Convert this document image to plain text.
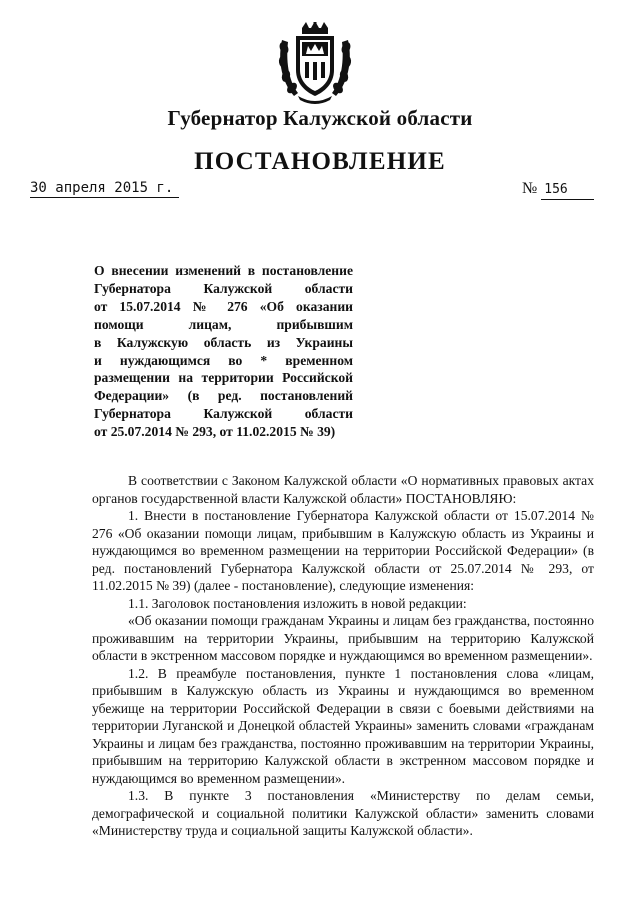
Губернатор Калужской области
ПОСТАНОВЛЕНИЕ
30 апреля 2015 г.	№ 156
О внесении изменений в постановление
Губернатора Калужской области
от 15.07.2014 № 276 «Об оказании
помощи лицам, прибывшим
в Калужскую область из Украины
и нуждающимся во * временном
размещении на территории Российской
Федерации» (в ред. постановлений
Губернатора Калужской области
от 25.07.2014 № 293, от 11.02.2015 № 39)

В соответствии с Законом Калужской области «О нормативных правовых актах органов государственной власти Калужской области» ПОСТАНОВЛЯЮ:

1. Внести в постановление Губернатора Калужской области от 15.07.2014 № 276 «Об оказании помощи лицам, прибывшим в Калужскую область из Украины и нуждающимся во временном размещении на территории Российской Федерации» (в ред. постановлений Губернатора Калужской области от 25.07.2014 № 293, от 11.02.2015 № 39) (далее - постановление), следующие изменения:

1.1. Заголовок постановления изложить в новой редакции:

«Об оказании помощи гражданам Украины и лицам без гражданства, постоянно проживавшим на территории Украины, прибывшим на территорию Калужской области в экстренном массовом порядке и нуждающимся во временном размещении».

1.2. В преамбуле постановления, пункте 1 постановления слова «лицам, прибывшим в Калужскую область из Украины и нуждающимся во временном убежище на территории Российской Федерации в связи с боевыми действиями на территории Луганской и Донецкой областей Украины» заменить словами «гражданам Украины и лицам без гражданства, постоянно проживавшим на территории Украины, прибывшим на территорию Калужской области в экстренном массовом порядке и нуждающимся во временном размещении».

1.3. В пункте 3 постановления «Министерству по делам семьи, демографической и социальной политики Калужской области» заменить словами «Министерству труда и социальной защиты Калужской области».
